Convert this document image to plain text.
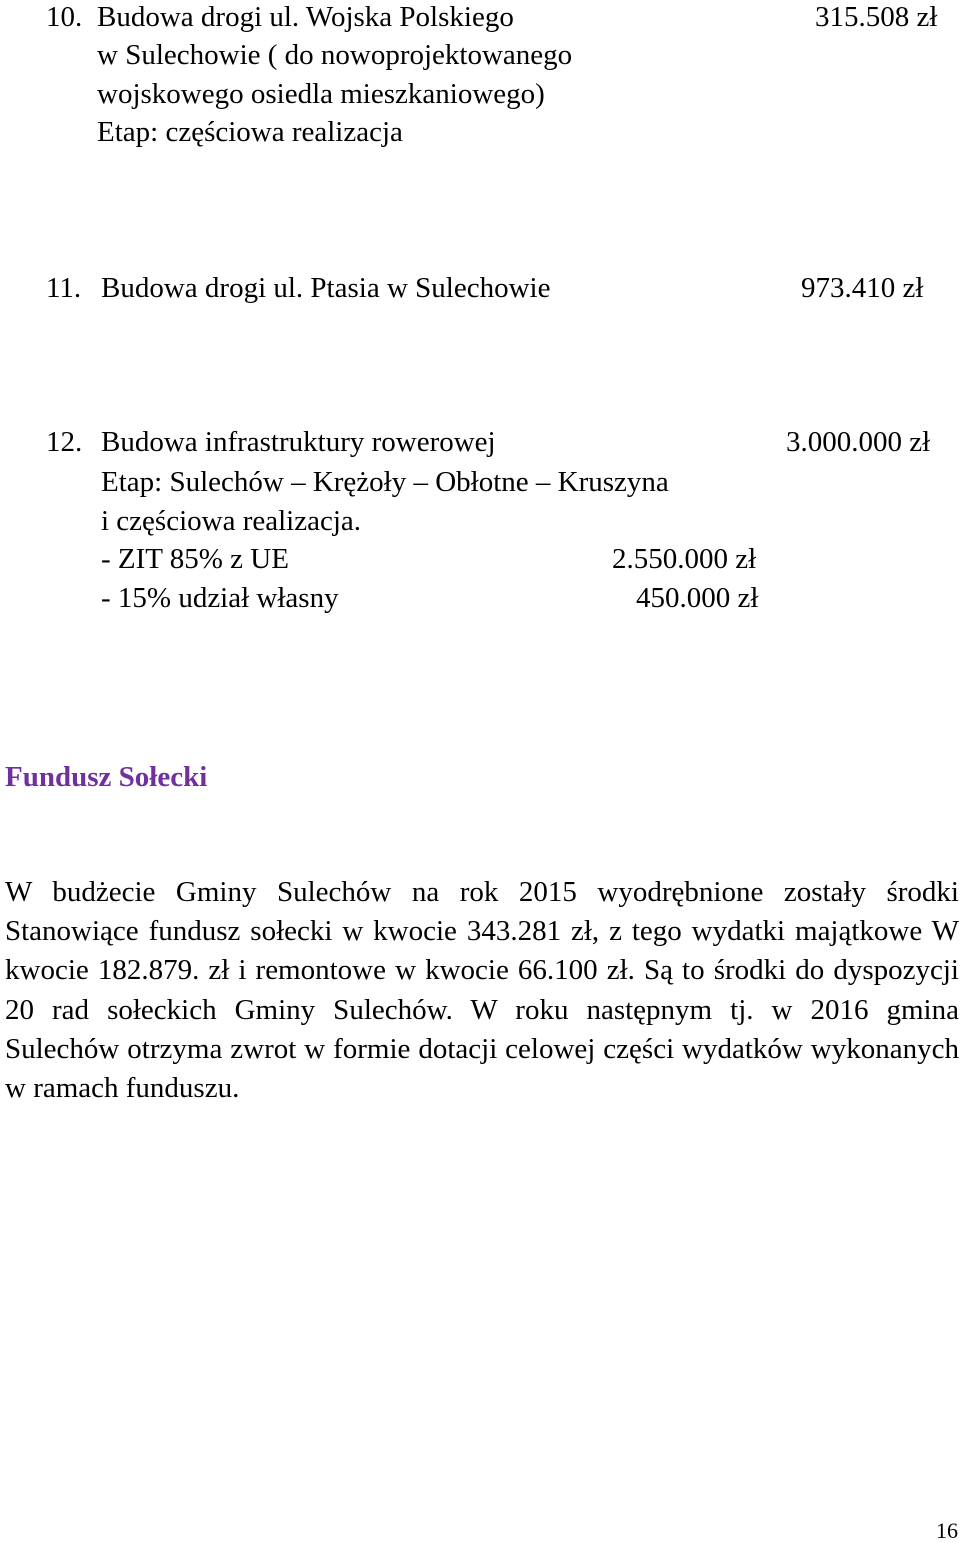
10. Budowa drogi ul. Wojska Polskiego	315.508 zł
w Sulechowie ( do nowoprojektowanego
wojskowego osiedla mieszkaniowego)
Etap: częściowa realizacja
11. Budowa drogi ul. Ptasia w Sulechowie	973.410 zł
12. Budowa infrastruktury rowerowej	3.000.000 zł
Etap: Sulechów – Krężoły – Obłotne – Kruszyna
i częściowa realizacja.
- ZIT 85% z UE	2.550.000 zł
- 15% udział własny	450.000 zł
Fundusz Sołecki

W budżecie Gminy Sulechów na rok 2015 wyodrębnione zostały środki Stanowiące fundusz sołecki w kwocie 343.281 zł, z tego wydatki majątkowe W kwocie 182.879. zł i remontowe w kwocie 66.100 zł. Są to środki do dyspozycji 20 rad sołeckich Gminy Sulechów. W roku następnym tj. w 2016 gmina Sulechów otrzyma zwrot w formie dotacji celowej części wydatków wykonanych w ramach funduszu.

16
